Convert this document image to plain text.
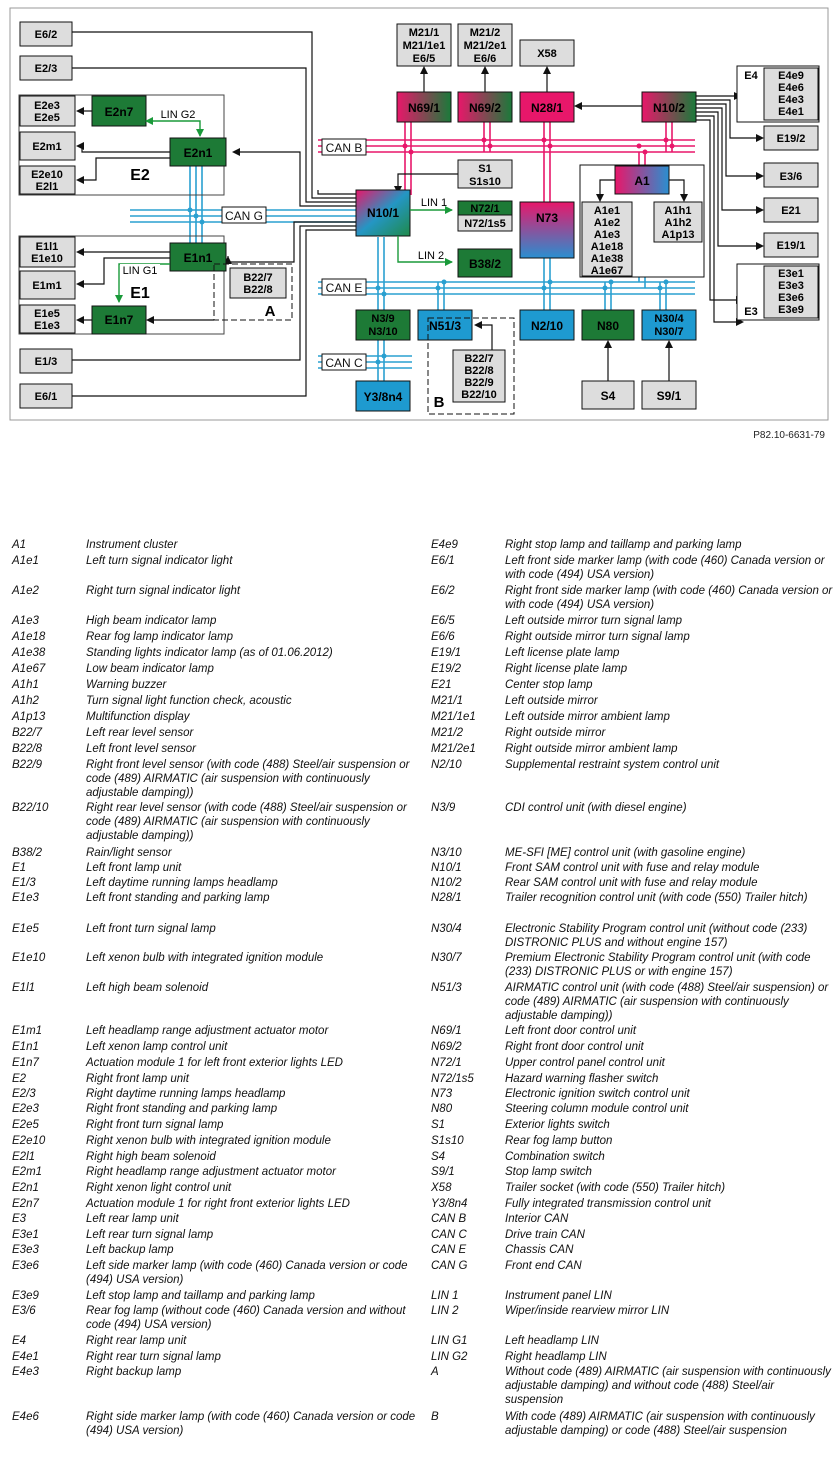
CAN B
CAN G
CAN E
CAN C
E2e3
E2e5	E2n7
E2m1
E2e10
E2l1
E2
E2n1
LIN G2
E1l1
E1e10
E1m1
E1e5
E1e3
E1n1
E1n7
E1
LIN G1
B22/7
B22/8
A
E6/2
E2/3
E1/3
E6/1
M21/1
M21/1e1
E6/5
M21/2
M21/2e1
E6/6	X58
N69/1 N69/2 N28/1	N10/2
E4 E4e9
E4e6
E4e3
E4e1
E19/2
E3/6
E21
E19/1
E3
E3e1
E3e3
E3e6
E3e9
A1
A1e1
A1e2
A1e3
A1e18
A1e38
A1e67
A1h1
A1h2
A1p13
S1
S1s10
N10/1
LIN 1
LIN 2
N72/1
N72/1s5
B38/2
N73
N3/9
N3/10	N51/3	N2/10	N80	N30/4
N30/7
Y3/8n4
B22/7
B22/8
B22/9
B22/10
B	S4	S9/1
P82.10-6631-79
A1	Instrument cluster
A1e1	Left turn signal indicator light
A1e2	Right turn signal indicator light
A1e3	High beam indicator lamp
A1e18	Rear fog lamp indicator lamp
A1e38	Standing lights indicator lamp (as of 01.06.2012)
A1e67	Low beam indicator lamp
A1h1	Warning buzzer
A1h2	Turn signal light function check, acoustic
A1p13	Multifunction display
B22/7	Left rear level sensor
B22/8	Left front level sensor
B22/9	Right front level sensor (with code (488) Steel/air suspension or code (489) AIRMATIC (air suspension with continuously adjustable damping))
B22/10	Right rear level sensor (with code (488) Steel/air suspension or code (489) AIRMATIC (air suspension with continuously adjustable damping))
B38/2	Rain/light sensor
E1	Left front lamp unit
E1/3	Left daytime running lamps headlamp
E1e3	Left front standing and parking lamp
E1e5	Left front turn signal lamp
E1e10	Left xenon bulb with integrated ignition module
E1l1	Left high beam solenoid
E1m1	Left headlamp range adjustment actuator motor
E1n1	Left xenon lamp control unit
E1n7	Actuation module 1 for left front exterior lights LED
E2	Right front lamp unit
E2/3	Right daytime running lamps headlamp
E2e3	Right front standing and parking lamp
E2e5	Right front turn signal lamp
E2e10	Right xenon bulb with integrated ignition module
E2l1	Right high beam solenoid
E2m1	Right headlamp range adjustment actuator motor
E2n1	Right xenon light control unit
E2n7	Actuation module 1 for right front exterior lights LED
E3	Left rear lamp unit
E3e1	Left rear turn signal lamp
E3e3	Left backup lamp
E3e6	Left side marker lamp (with code (460) Canada version or code (494) USA version)
E3e9	Left stop lamp and taillamp and parking lamp
E3/6	Rear fog lamp (without code (460) Canada version and without code (494) USA version)
E4	Right rear lamp unit
E4e1	Right rear turn signal lamp
E4e3	Right backup lamp
E4e6	Right side marker lamp (with code (460) Canada version or code (494) USA version)
E4e9	Right stop lamp and taillamp and parking lamp
E6/1	Left front side marker lamp (with code (460) Canada version or with code (494) USA version)
E6/2	Right front side marker lamp (with code (460) Canada version or with code (494) USA version)
E6/5	Left outside mirror turn signal lamp
E6/6	Right outside mirror turn signal lamp
E19/1	Left license plate lamp
E19/2	Right license plate lamp
E21	Center stop lamp
M21/1	Left outside mirror
M21/1e1	Left outside mirror ambient lamp
M21/2	Right outside mirror
M21/2e1	Right outside mirror ambient lamp
N2/10	Supplemental restraint system control unit
N3/9	CDI control unit (with diesel engine)
N3/10	ME-SFI [ME] control unit (with gasoline engine)
N10/1	Front SAM control unit with fuse and relay module
N10/2	Rear SAM control unit with fuse and relay module
N28/1	Trailer recognition control unit (with code (550) Trailer hitch)
N30/4	Electronic Stability Program control unit (without code (233) DISTRONIC PLUS and without engine 157)
N30/7	Premium Electronic Stability Program control unit (with code (233) DISTRONIC PLUS or with engine 157)
N51/3	AIRMATIC control unit (with code (488) Steel/air suspension) or code (489) AIRMATIC (air suspension with continuously adjustable damping))
N69/1	Left front door control unit
N69/2	Right front door control unit
N72/1	Upper control panel control unit
N72/1s5	Hazard warning flasher switch
N73	Electronic ignition switch control unit
N80	Steering column module control unit
S1	Exterior lights switch
S1s10	Rear fog lamp button
S4	Combination switch
S9/1	Stop lamp switch
X58	Trailer socket (with code (550) Trailer hitch)
Y3/8n4	Fully integrated transmission control unit
CAN B	Interior CAN
CAN C	Drive train CAN
CAN E	Chassis CAN
CAN G	Front end CAN
LIN 1	Instrument panel LIN
LIN 2	Wiper/inside rearview mirror LIN
LIN G1	Left headlamp LIN
LIN G2	Right headlamp LIN
A	Without code (489) AIRMATIC (air suspension with continuously adjustable damping) and without code (488) Steel/air suspension
B	With code (489) AIRMATIC (air suspension with continuously adjustable damping) or code (488) Steel/air suspension
